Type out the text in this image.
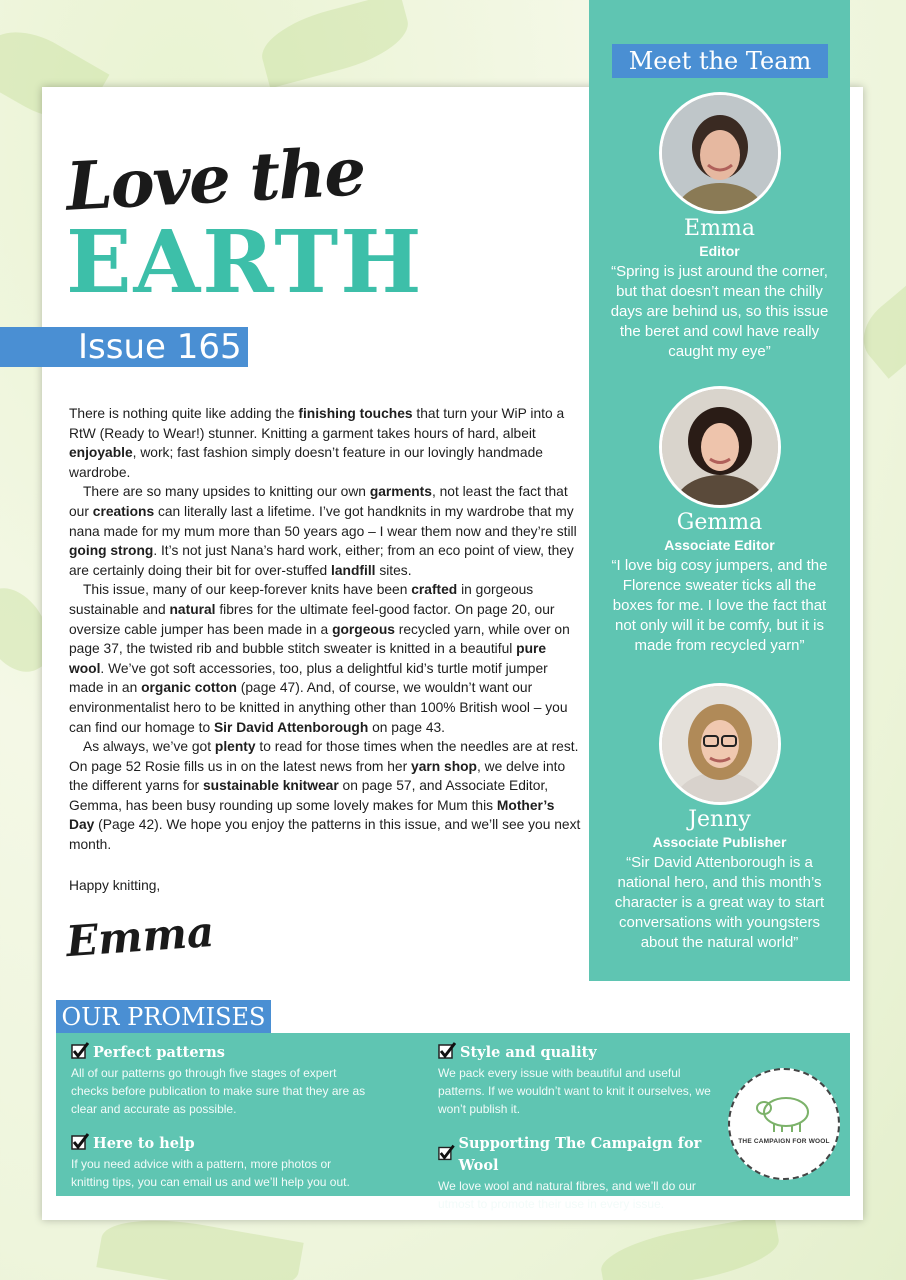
Love the
EARTH
Issue 165

There is nothing quite like adding the finishing touches that turn your WiP into a RtW (Ready to Wear!) stunner. Knitting a garment takes hours of hard, albeit enjoyable, work; fast fashion simply doesn’t feature in our lovingly handmade wardrobe.

There are so many upsides to knitting our own garments, not least the fact that our creations can literally last a lifetime. I’ve got handknits in my wardrobe that my nana made for my mum more than 50 years ago – I wear them now and they’re still going strong. It’s not just Nana’s hard work, either; from an eco point of view, they are certainly doing their bit for over-stuffed landfill sites.

This issue, many of our keep-forever knits have been crafted in gorgeous sustainable and natural fibres for the ultimate feel-good factor. On page 20, our oversize cable jumper has been made in a gorgeous recycled yarn, while over on page 37, the twisted rib and bubble stitch sweater is knitted in a beautiful pure wool. We’ve got soft accessories, too, plus a delightful kid’s turtle motif jumper made in an organic cotton (page 47). And, of course, we wouldn’t want our environmentalist hero to be knitted in anything other than 100% British wool – you can find our homage to Sir David Attenborough on page 43.

As always, we’ve got plenty to read for those times when the needles are at rest. On page 52 Rosie fills us in on the latest news from her yarn shop, we delve into the different yarns for sustainable knitwear on page 57, and Associate Editor, Gemma, has been busy rounding up some lovely makes for Mum this Mother’s Day (Page 42). We hope you enjoy the patterns in this issue, and we’ll see you next month.

Happy knitting,
Emma
Meet the Team
Emma
Editor
“Spring is just around the corner, but that doesn’t mean the chilly days are behind us, so this issue the beret and cowl have really caught my eye”
Gemma
Associate Editor
“I love big cosy jumpers, and the Florence sweater ticks all the boxes for me. I love the fact that not only will it be comfy, but it is made from recycled yarn”
Jenny
Associate Publisher
“Sir David Attenborough is a national hero, and this month’s character is a great way to start conversations with youngsters about the natural world”
OUR PROMISES
Perfect patterns
All of our patterns go through five stages of expert checks before publication to make sure that they are as clear and accurate as possible.
Style and quality
We pack every issue with beautiful and useful patterns. If we wouldn’t want to knit it ourselves, we won’t publish it.
Here to help
If you need advice with a pattern, more photos or knitting tips, you can email us and we’ll help you out.
Supporting The Campaign for Wool
We love wool and natural fibres, and we’ll do our utmost to promote their use in every issue.
THE CAMPAIGN FOR WOOL
